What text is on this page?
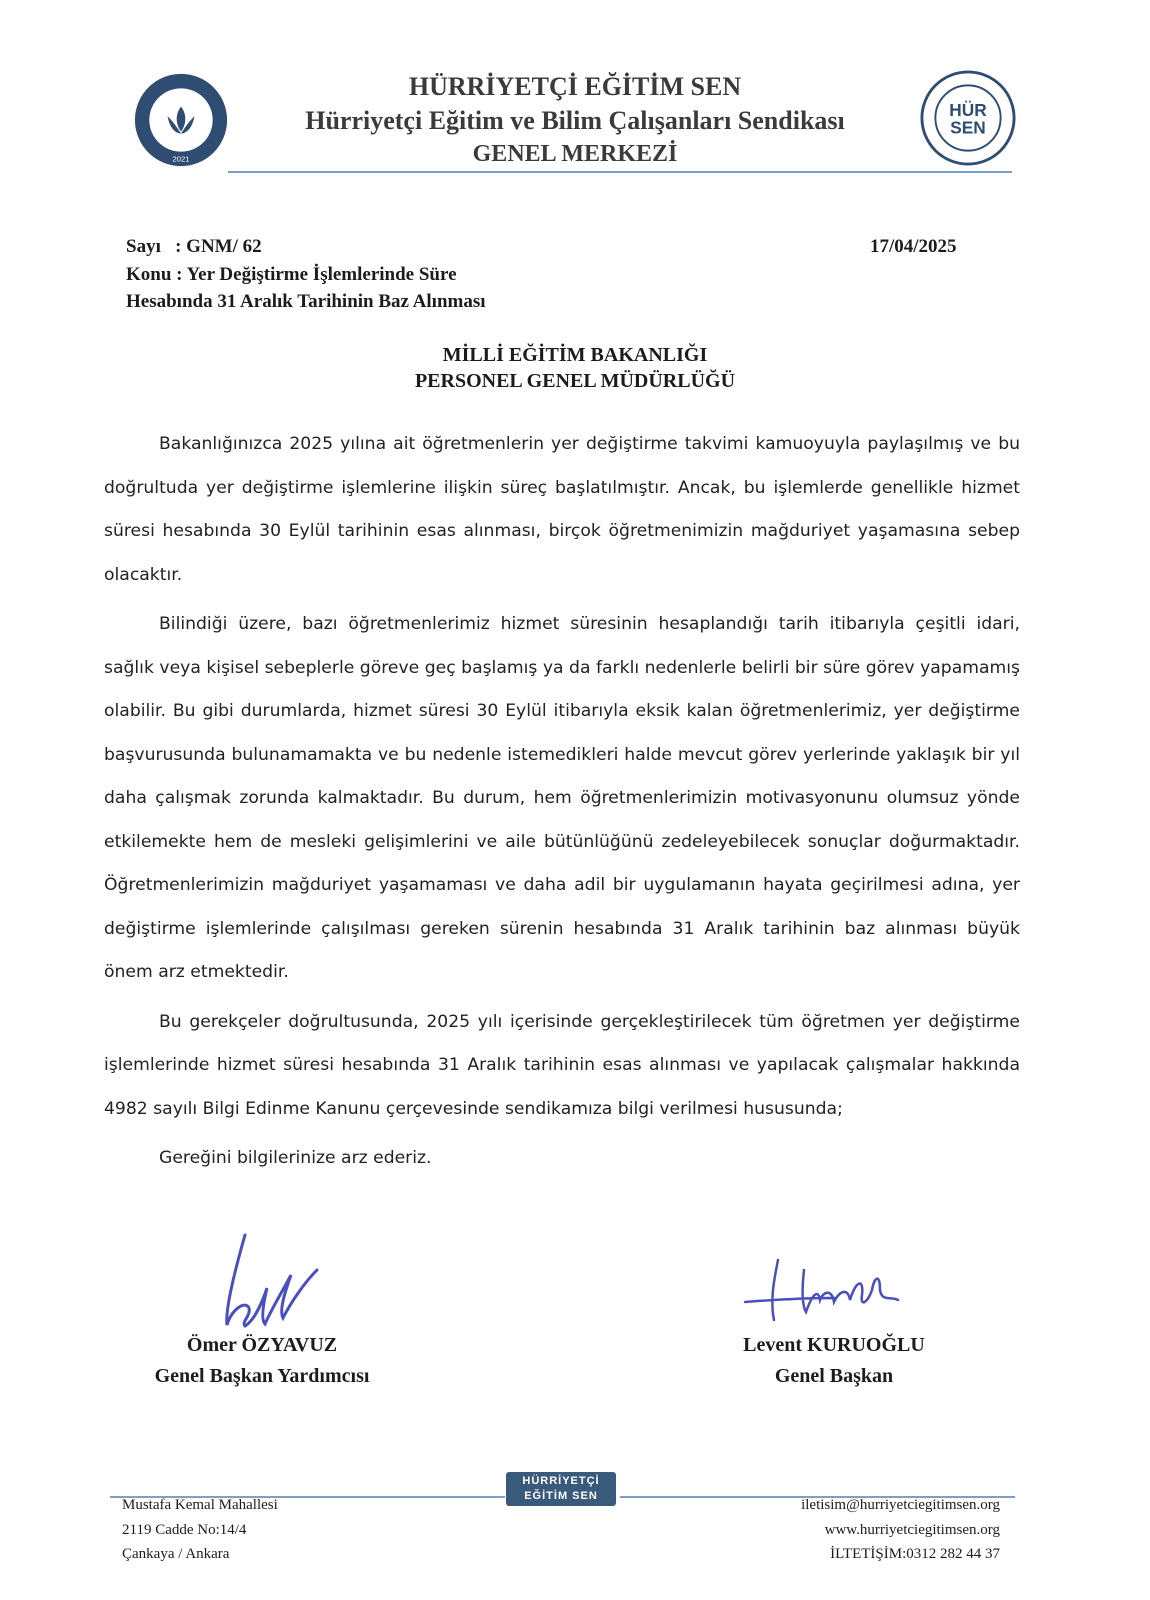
2021
HÜR
SEN
HÜRRİYETÇİ EĞİTİM SEN
Hürriyetçi Eğitim ve Bilim Çalışanları Sendikası
GENEL MERKEZİ
Sayı   : GNM/ 62	17/04/2025
Konu : Yer Değiştirme İşlemlerinde Süre
Hesabında 31 Aralık Tarihinin Baz Alınması
MİLLİ EĞİTİM BAKANLIĞI
PERSONEL GENEL MÜDÜRLÜĞÜ

Bakanlığınızca 2025 yılına ait öğretmenlerin yer değiştirme takvimi kamuoyuyla paylaşılmış ve bu doğrultuda yer değiştirme işlemlerine ilişkin süreç başlatılmıştır. Ancak, bu işlemlerde genellikle hizmet süresi hesabında 30 Eylül tarihinin esas alınması, birçok öğretmenimizin mağduriyet yaşamasına sebep olacaktır.

Bilindiği üzere, bazı öğretmenlerimiz hizmet süresinin hesaplandığı tarih itibarıyla çeşitli idari, sağlık veya kişisel sebeplerle göreve geç başlamış ya da farklı nedenlerle belirli bir süre görev yapamamış olabilir. Bu gibi durumlarda, hizmet süresi 30 Eylül itibarıyla eksik kalan öğretmenlerimiz, yer değiştirme başvurusunda bulunamamakta ve bu nedenle istemedikleri halde mevcut görev yerlerinde yaklaşık bir yıl daha çalışmak zorunda kalmaktadır. Bu durum, hem öğretmenlerimizin motivasyonunu olumsuz yönde etkilemekte hem de mesleki gelişimlerini ve aile bütünlüğünü zedeleyebilecek sonuçlar doğurmaktadır. Öğretmenlerimizin mağduriyet yaşamaması ve daha adil bir uygulamanın hayata geçirilmesi adına, yer değiştirme işlemlerinde çalışılması gereken sürenin hesabında 31 Aralık tarihinin baz alınması büyük önem arz etmektedir.

Bu gerekçeler doğrultusunda, 2025 yılı içerisinde gerçekleştirilecek tüm öğretmen yer değiştirme işlemlerinde hizmet süresi hesabında 31 Aralık tarihinin esas alınması ve yapılacak çalışmalar hakkında 4982 sayılı Bilgi Edinme Kanunu çerçevesinde sendikamıza bilgi verilmesi hususunda;

Gereğini bilgilerinize arz ederiz.

Ömer ÖZYAVUZ
Genel Başkan Yardımcısı
Levent KURUOĞLU
Genel Başkan
HÜRRİYETÇİ
EĞİTİM SEN
Mustafa Kemal Mahallesi
2119 Cadde No:14/4
Çankaya / Ankara
iletisim@hurriyetciegitimsen.org
www.hurriyetciegitimsen.org
İLTETİŞİM:0312 282 44 37
